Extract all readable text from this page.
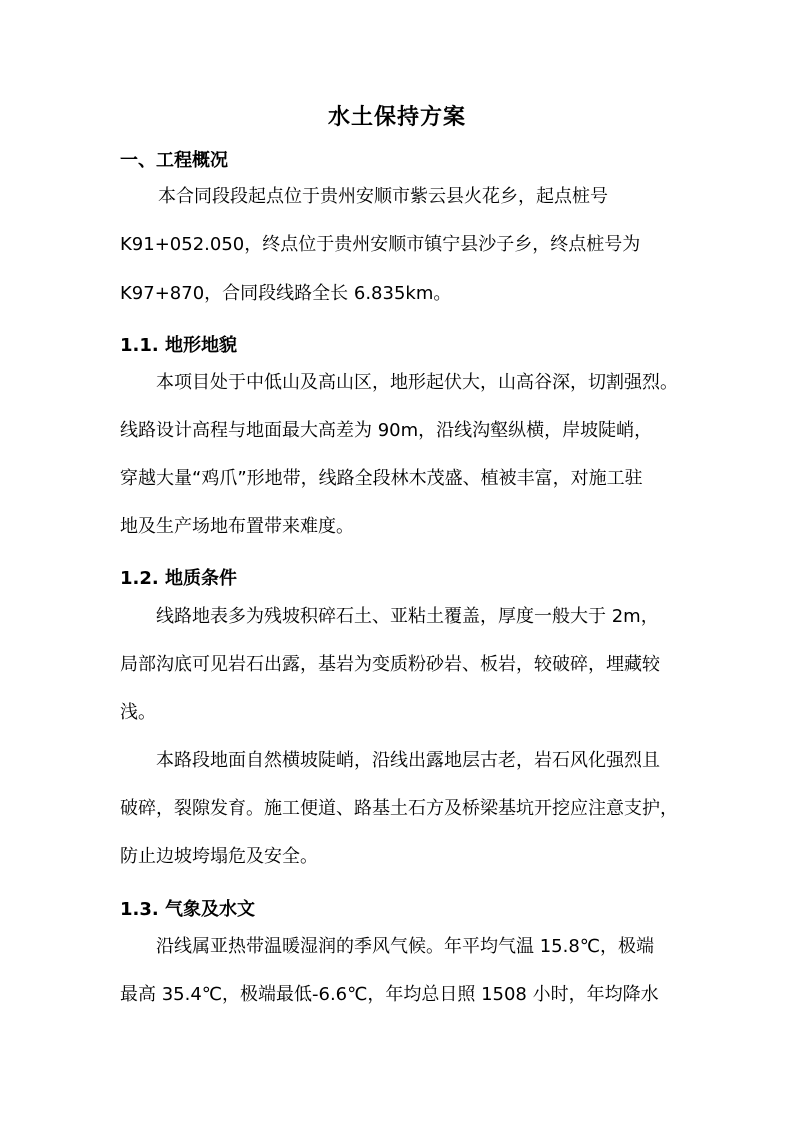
水土保持方案
一、工程概况
本合同段段起点位于贵州安顺市紫云县火花乡，起点桩号
K91+052.050，终点位于贵州安顺市镇宁县沙子乡，终点桩号为
K97+870，合同段线路全长 6.835km。
1.1. 地形地貌
本项目处于中低山及高山区，地形起伏大，山高谷深，切割强烈。
线路设计高程与地面最大高差为 90m，沿线沟壑纵横，岸坡陡峭，
穿越大量“鸡爪”形地带，线路全段林木茂盛、植被丰富，对施工驻
地及生产场地布置带来难度。
1.2. 地质条件
线路地表多为残坡积碎石土、亚粘土覆盖，厚度一般大于 2m，
局部沟底可见岩石出露，基岩为变质粉砂岩、板岩，较破碎，埋藏较
浅。
本路段地面自然横坡陡峭，沿线出露地层古老，岩石风化强烈且
破碎，裂隙发育。施工便道、路基土石方及桥梁基坑开挖应注意支护，
防止边坡垮塌危及安全。
1.3. 气象及水文
沿线属亚热带温暖湿润的季风气候。年平均气温 15.8℃，极端
最高 35.4℃，极端最低-6.6℃，年均总日照 1508 小时，年均降水
